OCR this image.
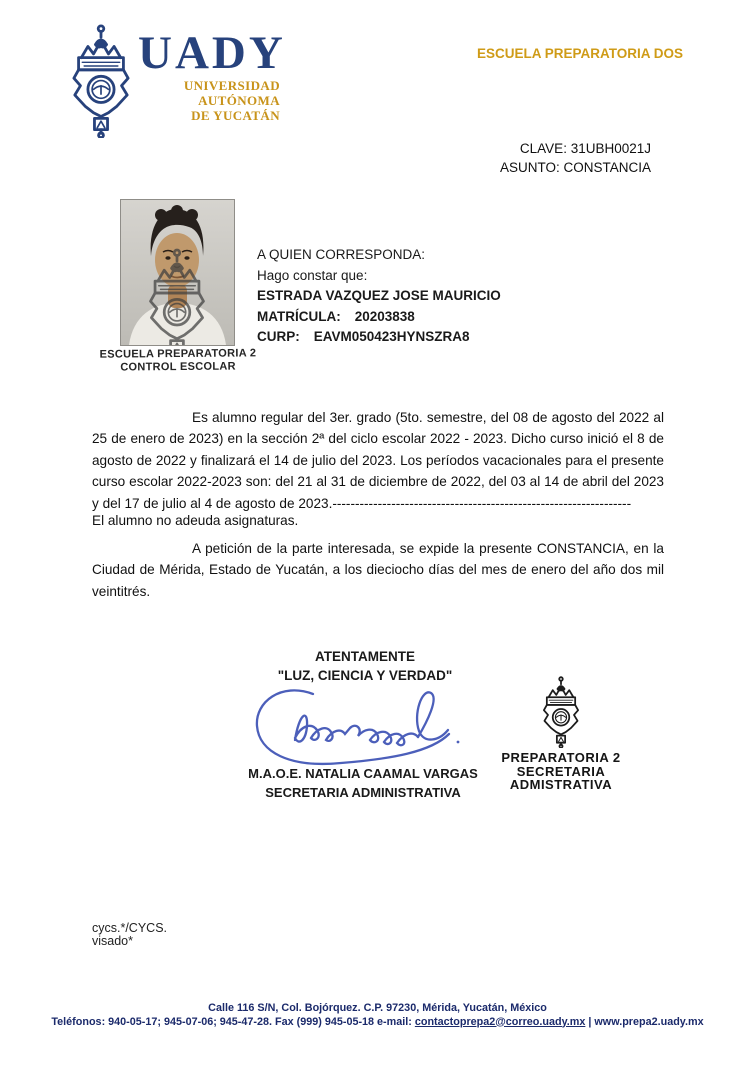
UADY
UNIVERSIDAD
AUTÓNOMA
DE YUCATÁN
ESCUELA PREPARATORIA DOS
CLAVE: 31UBH0021J
ASUNTO: CONSTANCIA
ESCUELA PREPARATORIA 2
CONTROL ESCOLAR
A QUIEN CORRESPONDA:
Hago constar que:
ESTRADA VAZQUEZ JOSE MAURICIO
MATRÍCULA: 20203838
CURP: EAVM050423HYNSZRA8
Es alumno regular del 3er. grado (5to. semestre, del 08 de agosto del 2022 al 25 de enero de 2023) en la sección 2ª del ciclo escolar 2022 - 2023. Dicho curso inició el 8 de agosto de 2022 y finalizará el 14 de julio del 2023. Los períodos vacacionales para el presente curso escolar 2022-2023 son: del 21 al 31 de diciembre de 2022, del 03 al 14 de abril del 2023 y del 17 de julio al 4 de agosto de 2023.------------------------------------------------------------------
El alumno no adeuda asignaturas.
A petición de la parte interesada, se expide la presente CONSTANCIA, en la Ciudad de Mérida, Estado de Yucatán, a los dieciocho días del mes de enero del año dos mil veintitrés.
ATENTAMENTE
"LUZ, CIENCIA Y VERDAD"
M.A.O.E. NATALIA CAAMAL VARGAS
SECRETARIA ADMINISTRATIVA
PREPARATORIA 2
SECRETARIA
ADMISTRATIVA
cycs.*/CYCS.
visado*
Calle 116 S/N, Col. Bojórquez. C.P. 97230, Mérida, Yucatán, México
Teléfonos: 940-05-17; 945-07-06; 945-47-28. Fax (999) 945-05-18 e-mail: contactoprepa2@correo.uady.mx | www.prepa2.uady.mx
